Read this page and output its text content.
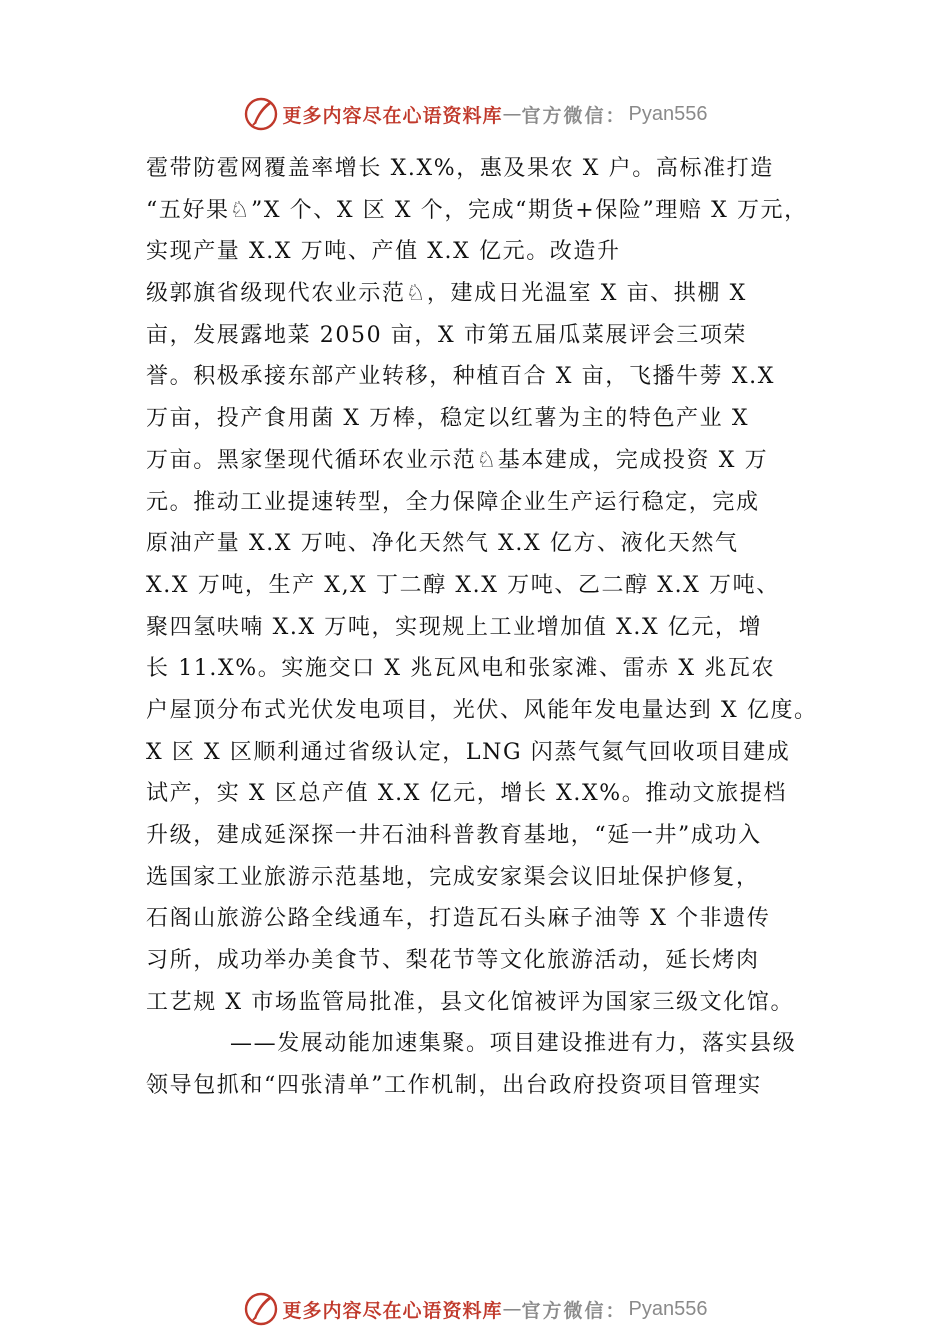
更多内容尽在心语资料库 — 官方微信： Pyan556
雹带防雹网覆盖率增长 X.X%，惠及果农 X 户。高标准打造
“五好果♘”X 个、X 区 X 个，完成“期货+保险”理赔 X 万元，
实现产量 X.X 万吨、产值 X.X 亿元。改造升
级郭旗省级现代农业示范♘，建成日光温室 X 亩、拱棚 X
亩，发展露地菜 2050 亩，X 市第五届瓜菜展评会三项荣
誉。积极承接东部产业转移，种植百合 X 亩，飞播牛蒡 X.X
万亩，投产食用菌 X 万棒，稳定以红薯为主的特色产业 X
万亩。黑家堡现代循环农业示范♘基本建成，完成投资 X 万
元。推动工业提速转型，全力保障企业生产运行稳定，完成
原油产量 X.X 万吨、净化天然气 X.X 亿方、液化天然气
X.X 万吨，生产 X,X 丁二醇 X.X 万吨、乙二醇 X.X 万吨、
聚四氢呋喃 X.X 万吨，实现规上工业增加值 X.X 亿元，增
长 11.X%。实施交口 X 兆瓦风电和张家滩、雷赤 X 兆瓦农
户屋顶分布式光伏发电项目，光伏、风能年发电量达到 X 亿度。
X 区 X 区顺利通过省级认定，LNG 闪蒸气氦气回收项目建成
试产，实 X 区总产值 X.X 亿元，增长 X.X%。推动文旅提档
升级，建成延深探一井石油科普教育基地，“延一井”成功入
选国家工业旅游示范基地，完成安家渠会议旧址保护修复，
石阁山旅游公路全线通车，打造瓦石头麻子油等 X 个非遗传
习所，成功举办美食节、梨花节等文化旅游活动，延长烤肉
工艺规 X 市场监管局批准，县文化馆被评为国家三级文化馆。
——发展动能加速集聚。项目建设推进有力，落实县级
领导包抓和“四张清单”工作机制，出台政府投资项目管理实
更多内容尽在心语资料库 — 官方微信： Pyan556
